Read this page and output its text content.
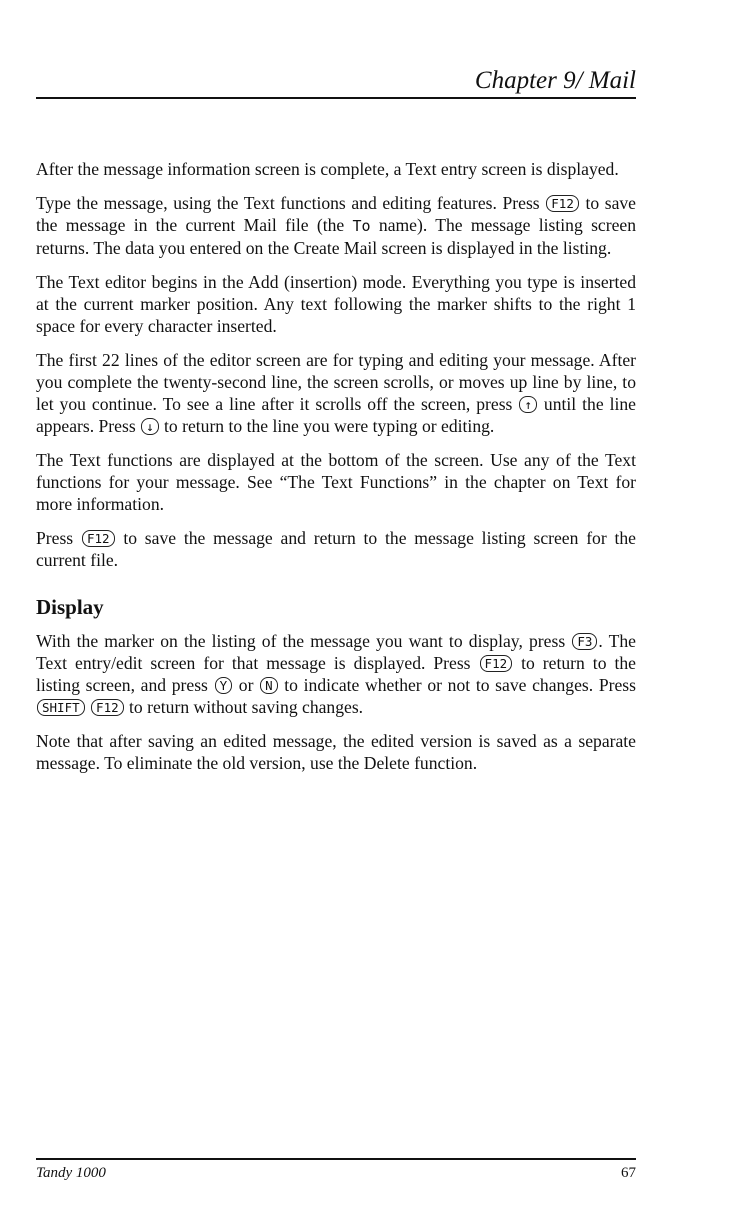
Chapter 9/ Mail

After the message information screen is complete, a Text entry screen is displayed.

Type the message, using the Text functions and editing features. Press F12 to save the message in the current Mail file (the To name). The message listing screen returns. The data you entered on the Create Mail screen is displayed in the listing.

The Text editor begins in the Add (insertion) mode. Everything you type is inserted at the current marker position. Any text following the marker shifts to the right 1 space for every character inserted.

The first 22 lines of the editor screen are for typing and editing your message. After you complete the twenty-second line, the screen scrolls, or moves up line by line, to let you continue. To see a line after it scrolls off the screen, press ↑ until the line appears. Press ↓ to return to the line you were typing or editing.

The Text functions are displayed at the bottom of the screen. Use any of the Text functions for your message. See “The Text Functions” in the chapter on Text for more information.

Press F12 to save the message and return to the message listing screen for the current file.

Display

With the marker on the listing of the message you want to display, press F3 . The Text entry/edit screen for that message is displayed. Press F12 to return to the listing screen, and press Y or N to indicate whether or not to save changes. Press SHIFT F12 to return without saving changes.

Note that after saving an edited message, the edited version is saved as a separate message. To eliminate the old version, use the Delete function.

Tandy 1000	67
